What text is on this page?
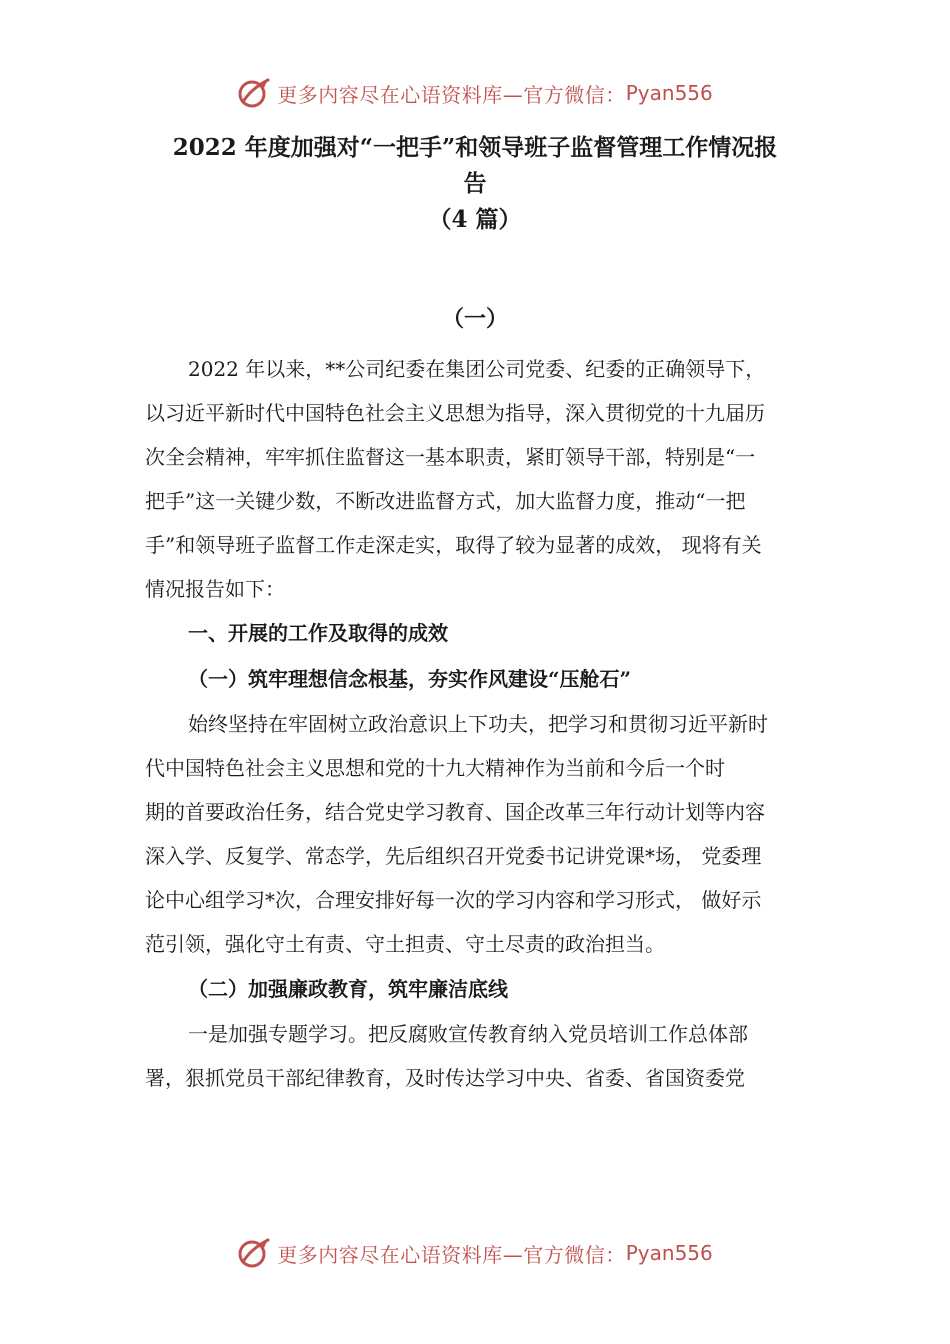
更多内容尽在心语资料库—官方微信： Pyan556
2022 年度加强对“一把手”和领导班子监督管理工作情况报
告
（4 篇）
（一）
2022 年以来，**公司纪委在集团公司党委、纪委的正确领导下，
以习近平新时代中国特色社会主义思想为指导，深入贯彻党的十九届历
次全会精神，牢牢抓住监督这一基本职责，紧盯领导干部，特别是“一
把手”这一关键少数，不断改进监督方式，加大监督力度，推动“一把
手”和领导班子监督工作走深走实，取得了较为显著的成效， 现将有关
情况报告如下：
一、开展的工作及取得的成效
（一）筑牢理想信念根基，夯实作风建设“压舱石”
始终坚持在牢固树立政治意识上下功夫，把学习和贯彻习近平新时
代中国特色社会主义思想和党的十九大精神作为当前和今后一个时
期的首要政治任务，结合党史学习教育、国企改革三年行动计划等内容
深入学、反复学、常态学，先后组织召开党委书记讲党课*场， 党委理
论中心组学习*次，合理安排好每一次的学习内容和学习形式， 做好示
范引领，强化守土有责、守土担责、守土尽责的政治担当。
（二）加强廉政教育，筑牢廉洁底线
一是加强专题学习。把反腐败宣传教育纳入党员培训工作总体部
署，狠抓党员干部纪律教育，及时传达学习中央、省委、省国资委党
更多内容尽在心语资料库—官方微信： Pyan556
